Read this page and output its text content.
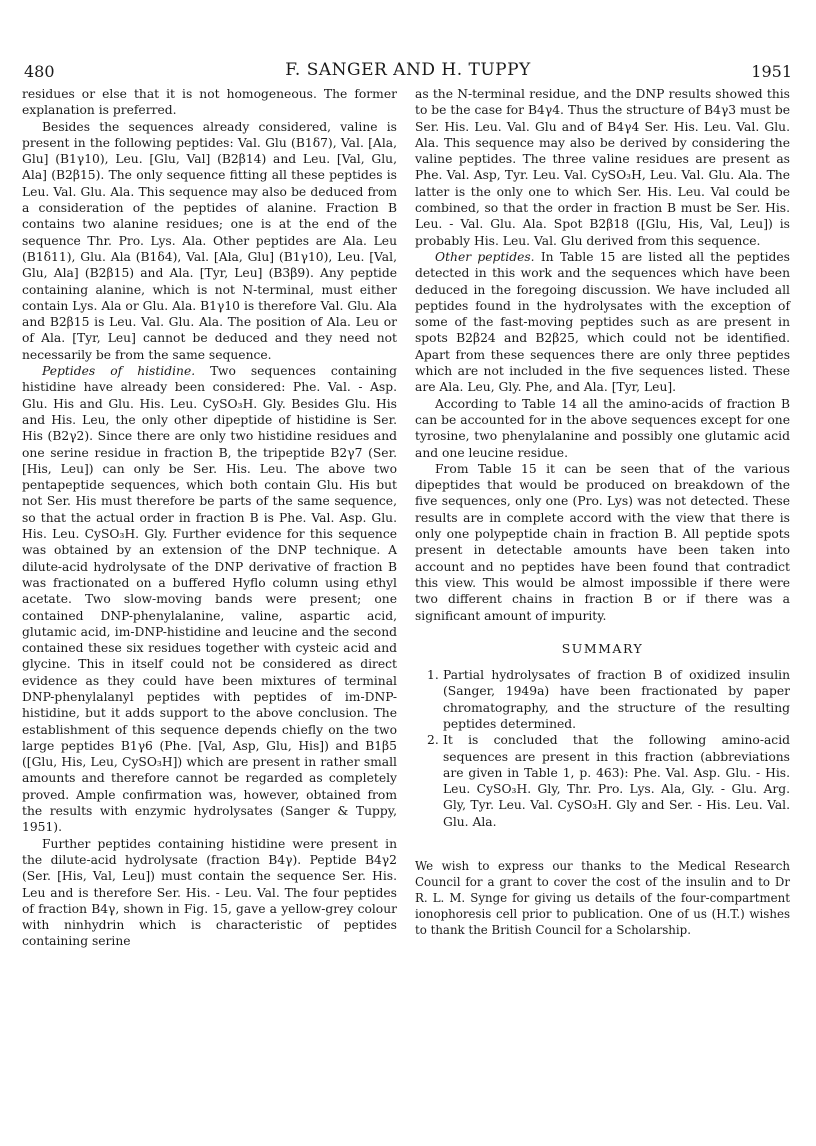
480	F. SANGER AND H. TUPPY	1951

residues or else that it is not homogeneous. The former explanation is preferred.

Besides the sequences already considered, valine is present in the following peptides: Val. Glu (B1δ7), Val. [Ala, Glu] (B1γ10), Leu. [Glu, Val] (B2β14) and Leu. [Val, Glu, Ala] (B2β15). The only sequence fitting all these peptides is Leu. Val. Glu. Ala. This sequence may also be deduced from a consideration of the peptides of alanine. Fraction B contains two alanine residues; one is at the end of the sequence Thr. Pro. Lys. Ala. Other peptides are Ala. Leu (B1δ11), Glu. Ala (B1δ4), Val. [Ala, Glu] (B1γ10), Leu. [Val, Glu, Ala] (B2β15) and Ala. [Tyr, Leu] (B3β9). Any peptide containing alanine, which is not N-terminal, must either contain Lys. Ala or Glu. Ala. B1γ10 is therefore Val. Glu. Ala and B2β15 is Leu. Val. Glu. Ala. The position of Ala. Leu or of Ala. [Tyr, Leu] cannot be deduced and they need not necessarily be from the same sequence.

Peptides of histidine. Two sequences containing histidine have already been considered: Phe. Val. - Asp. Glu. His and Glu. His. Leu. CySO₃H. Gly. Besides Glu. His and His. Leu, the only other dipeptide of histidine is Ser. His (B2γ2). Since there are only two histidine residues and one serine residue in fraction B, the tripeptide B2γ7 (Ser. [His, Leu]) can only be Ser. His. Leu. The above two pentapeptide sequences, which both contain Glu. His but not Ser. His must therefore be parts of the same sequence, so that the actual order in fraction B is Phe. Val. Asp. Glu. His. Leu. CySO₃H. Gly. Further evidence for this sequence was obtained by an extension of the DNP technique. A dilute-acid hydrolysate of the DNP derivative of fraction B was fractionated on a buffered Hyflo column using ethyl acetate. Two slow-moving bands were present; one contained DNP-phenylalanine, valine, aspartic acid, glutamic acid, im-DNP-histidine and leucine and the second contained these six residues together with cysteic acid and glycine. This in itself could not be considered as direct evidence as they could have been mixtures of terminal DNP-phenylalanyl peptides with peptides of im-DNP-histidine, but it adds support to the above conclusion. The establishment of this sequence depends chiefly on the two large peptides B1γ6 (Phe. [Val, Asp, Glu, His]) and B1β5 ([Glu, His, Leu, CySO₃H]) which are present in rather small amounts and therefore cannot be regarded as completely proved. Ample confirmation was, however, obtained from the results with enzymic hydrolysates (Sanger & Tuppy, 1951).

Further peptides containing histidine were present in the dilute-acid hydrolysate (fraction B4γ). Peptide B4γ2 (Ser. [His, Val, Leu]) must contain the sequence Ser. His. Leu and is therefore Ser. His. - Leu. Val. The four peptides of fraction B4γ, shown in Fig. 15, gave a yellow-grey colour with ninhydrin which is characteristic of peptides containing serine

as the N-terminal residue, and the DNP results showed this to be the case for B4γ4. Thus the structure of B4γ3 must be Ser. His. Leu. Val. Glu and of B4γ4 Ser. His. Leu. Val. Glu. Ala. This sequence may also be derived by considering the valine peptides. The three valine residues are present as Phe. Val. Asp, Tyr. Leu. Val. CySO₃H, Leu. Val. Glu. Ala. The latter is the only one to which Ser. His. Leu. Val could be combined, so that the order in fraction B must be Ser. His. Leu. - Val. Glu. Ala. Spot B2β18 ([Glu, His, Val, Leu]) is probably His. Leu. Val. Glu derived from this sequence.

Other peptides. In Table 15 are listed all the peptides detected in this work and the sequences which have been deduced in the foregoing discussion. We have included all peptides found in the hydrolysates with the exception of some of the fast-moving peptides such as are present in spots B2β24 and B2β25, which could not be identified. Apart from these sequences there are only three peptides which are not included in the five sequences listed. These are Ala. Leu, Gly. Phe, and Ala. [Tyr, Leu].

According to Table 14 all the amino-acids of fraction B can be accounted for in the above sequences except for one tyrosine, two phenylalanine and possibly one glutamic acid and one leucine residue.

From Table 15 it can be seen that of the various dipeptides that would be produced on breakdown of the five sequences, only one (Pro. Lys) was not detected. These results are in complete accord with the view that there is only one polypeptide chain in fraction B. All peptide spots present in detectable amounts have been taken into account and no peptides have been found that contradict this view. This would be almost impossible if there were two different chains in fraction B or if there was a significant amount of impurity.

SUMMARY

1. Partial hydrolysates of fraction B of oxidized insulin (Sanger, 1949a) have been fractionated by paper chromatography, and the structure of the resulting peptides determined.

2. It is concluded that the following amino-acid sequences are present in this fraction (abbreviations are given in Table 1, p. 463): Phe. Val. Asp. Glu. - His. Leu. CySO₃H. Gly, Thr. Pro. Lys. Ala, Gly. - Glu. Arg. Gly, Tyr. Leu. Val. CySO₃H. Gly and Ser. - His. Leu. Val. Glu. Ala.

We wish to express our thanks to the Medical Research Council for a grant to cover the cost of the insulin and to Dr R. L. M. Synge for giving us details of the four-compartment ionophoresis cell prior to publication. One of us (H.T.) wishes to thank the British Council for a Scholarship.
